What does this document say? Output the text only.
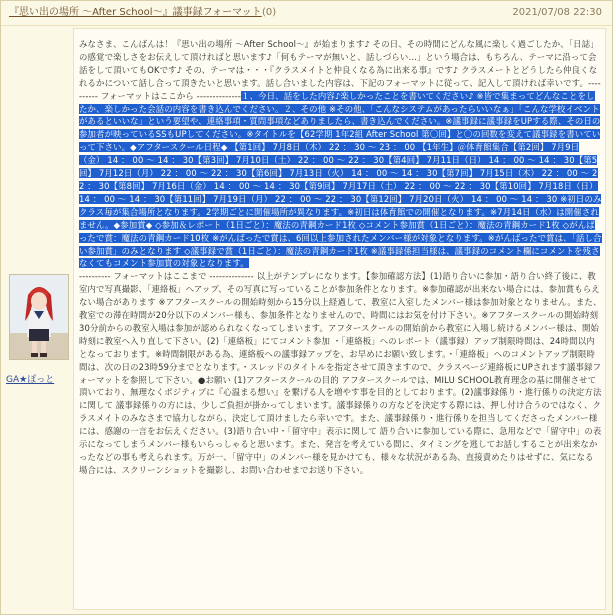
『思い出の場所 ～After School～』議事録フォーマット (0)	2021/07/08 22:30
GA★ぽっと
みなさま、こんばんは！『思い出の場所 ～After School～』が始まります♪ その日、その時間にどんな風に楽しく過ごしたか、「日誌」の感覚で楽しさをお伝えして頂ければと思います♪「何もテーマが無いと、話しづらい…」という場合は、もちろん、テーマに沿って会話をして頂いてもOKです♪ その、テーマは・・・『クラスメイトと仲良くなる為に出来る事』です♪ クラスメートとどうしたら仲良くなれるかについて話し合って頂きたいと思います。話し合いました内容は、下記のフォーマットに従って、記入して頂ければ幸いです。---------- フォーマットはここから --------------１、今日、話をした内容♪楽しかったことを書いてください♪ ※皆で集まってどんなことをしたか、楽しかった会話の内容を書き込んでください。２、その他 ※その他、「こんなシステムがあったらいいなぁ」「こんな学校イベントがあるといいな」という要望や、連絡事項・質問事項などありましたら、書き込んでください。※議事録に議事録をUPする際、その日の参加者が映っているSSもUPしてください。※タイトルを【62学期 1年2組 After School 第〇回】と〇の回数を変えて議事録を書いていって下さい。◆アフタースクール日程◆ 【第1回】 7月8日（木） 22 ： 30 ～ 23 ： 00 【1年生】＠体育館集合【第2回】 7月9日（金） 14 ： 00 ～ 14 ： 30【第3回】 7月10日（土） 22 ： 00 ～ 22 ： 30【第4回】 7月11日（日） 14 ： 00 ～ 14 ： 30【第5回】 7月12日（月） 22 ： 00 ～ 22 ： 30【第6回】 7月13日（火） 14 ： 00 ～ 14 ： 30【第7回】 7月15日（木） 22 ： 00 ～ 22 ： 30【第8回】 7月16日（金） 14 ： 00 ～ 14 ： 30【第9回】 7月17日（土） 22 ： 00 ～ 22 ： 30【第10回】 7月18日（日） 14 ： 00 ～ 14 ： 30【第11回】 7月19日（月） 22 ： 00 ～ 22 ： 30【第12回】 7月20日（火） 14 ： 00 ～ 14 ： 30 ※初日のみクラス毎が集合場所となります。2学期ごとに開催場所が異なります。※初日は体育館での開催となります。※7月14日（水）は開催されません。◆参加賞◆ ◇参加＆レポート（1日ごと）：魔法の青鋼カード1枚 ◇コメント参加賞（1日ごと）：魔法の青鋼カード1枚 ◇がんばったで賞：魔法の青鋼カード10枚 ※がんばったで賞は、6回以上参加されたメンバー様が対象となります。※がんばったで賞は、「話し合い参加賞」のみとなります ◇議事録で賞（1日ごと）：魔法の青鋼カード1枚 ※議事録係担当様は、議事録のコメント欄にコメントを残さなくてもコメント参加賞の対象となります。
---------- フォーマットはここまで -------------- 以上がテンプレになります。【参加確認方法】(1)語り合いに参加・語り合い終了後に、教室内で写真撮影、「連絡板」へアップ、その写真に写っていることが参加条件となります。※参加確認が出来ない場合には、参加賞もらえない場合があります ※アフタースクールの開始時刻から15分以上経過して、教室に入室したメンバー様は参加対象となりません。また、教室での滞在時間が20分以下のメンバー様も、参加条件となりませんので、時間にはお気を付け下さい。※アフタースクールの開始時刻30分前からの教室入場は参加が認められなくなってしまいます。アフタースクールの開始前から教室に入場し続けるメンバー様は、開始時刻に教室へ入り直して下さい。(2)「連絡板」にてコメント参加 ・「連絡板」へのレポート（議事録）アップ制限時間は、24時間以内となっております。※時間制限がある為、連絡板への議事録アップを、お早めにお願い致します。・「連絡板」へのコメントアップ制限時間は、次の日の23時59分までとなります。・スレッドのタイトルを指定させて頂きますので、クラスページ連絡板にUPされます議事録フォーマットを参照して下さい。●お願い (1)アフタースクールの目的 アフタースクールでは、MILU SCHOOL教育理念の基に開催させて頂いており、無理なくポジティブに『心温まる想い』を繋げる人を増やす事を目的としております。(2)議事録係り・進行係りの決定方法に関して 議事録係りの方には、少しご負担が掛かってしまいます。議事録係りの方などを決定する際には、押し付け合うのではなく、クラスメイトのみなさまで協力しながら、決定して頂けましたら幸いです。また、議事録係り・進行係りを担当してくださったメンバー様には、感謝の一言をお伝えください。(3)語り合い中・「留守中」表示に関して 語り合いに参加している際に、急用などで「留守中」の表示になってしまうメンバー様もいらっしゃると思います。また、発言を考えている間に、タイミングを逃してお話しすることが出来なかったなどの事も考えられます。万が一、「留守中」のメンバー様を見かけても、様々な状況がある為、直接責めたりはせずに、気になる場合には、スクリーンショットを撮影し、お問い合わせまでお送り下さい。
